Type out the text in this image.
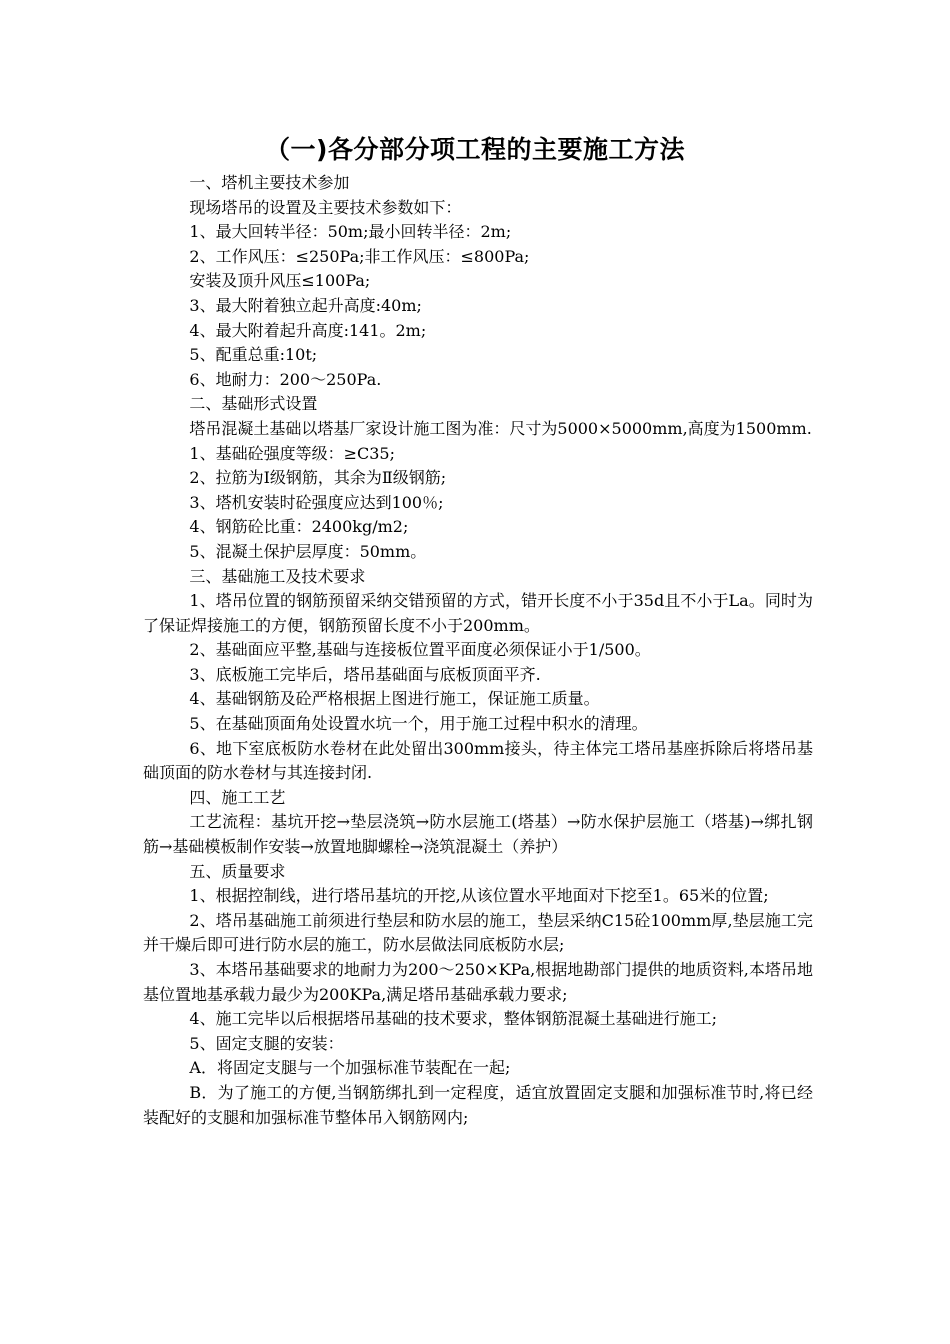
（一)各分部分项工程的主要施工方法

一、塔机主要技术参加

现场塔吊的设置及主要技术参数如下：

1、最大回转半径：50m;最小回转半径：2m;

2、工作风压：≤250Pa;非工作风压：≤800Pa;

安装及顶升风压≤100Pa;

3、最大附着独立起升高度:40m;

4、最大附着起升高度:141。2m;

5、配重总重:10t;

6、地耐力：200～250Pa.

二、基础形式设置

塔吊混凝土基础以塔基厂家设计施工图为准：尺寸为5000×5000mm,高度为1500mm.

1、基础砼强度等级：≥C35;

2、拉筋为Ⅰ级钢筋，其余为Ⅱ级钢筋;

3、塔机安装时砼强度应达到100％;

4、钢筋砼比重：2400kg/m2;

5、混凝土保护层厚度：50mm。

三、基础施工及技术要求

1、塔吊位置的钢筋预留采纳交错预留的方式，错开长度不小于35d且不小于La。同时为了保证焊接施工的方便，钢筋预留长度不小于200mm。

2、基础面应平整,基础与连接板位置平面度必须保证小于1/500。

3、底板施工完毕后，塔吊基础面与底板顶面平齐.

4、基础钢筋及砼严格根据上图进行施工，保证施工质量。

5、在基础顶面角处设置水坑一个，用于施工过程中积水的清理。

6、地下室底板防水卷材在此处留出300mm接头，待主体完工塔吊基座拆除后将塔吊基础顶面的防水卷材与其连接封闭.

四、施工工艺

工艺流程：基坑开挖→垫层浇筑→防水层施工(塔基）→防水保护层施工（塔基)→绑扎钢筋→基础模板制作安装→放置地脚螺栓→浇筑混凝土（养护）

五、质量要求

1、根据控制线，进行塔吊基坑的开挖,从该位置水平地面对下挖至1。65米的位置;

2、塔吊基础施工前须进行垫层和防水层的施工，垫层采纳C15砼100mm厚,垫层施工完并干燥后即可进行防水层的施工，防水层做法同底板防水层;

3、本塔吊基础要求的地耐力为200～250×KPa,根据地勘部门提供的地质资料,本塔吊地基位置地基承载力最少为200KPa,满足塔吊基础承载力要求;

4、施工完毕以后根据塔吊基础的技术要求，整体钢筋混凝土基础进行施工;

5、固定支腿的安装：

A．将固定支腿与一个加强标准节装配在一起;

B．为了施工的方便,当钢筋绑扎到一定程度，适宜放置固定支腿和加强标准节时,将已经装配好的支腿和加强标准节整体吊入钢筋网内;
